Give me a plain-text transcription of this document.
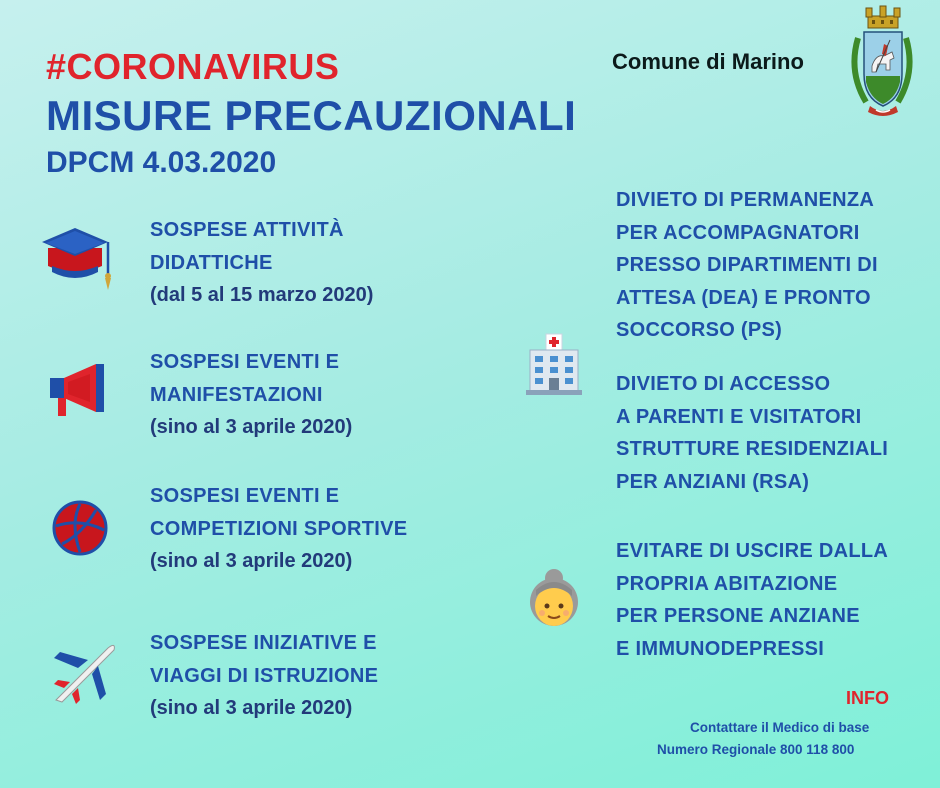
#CORONAVIRUS
MISURE PRECAUZIONALI
DPCM 4.03.2020
Comune di Marino
SOSPESE ATTIVITÀ
DIDATTICHE
(dal 5 al 15 marzo 2020)
SOSPESI EVENTI E
MANIFESTAZIONI
(sino al 3 aprile 2020)
SOSPESI EVENTI E
COMPETIZIONI SPORTIVE
(sino al 3 aprile 2020)
SOSPESE INIZIATIVE E
VIAGGI DI ISTRUZIONE
(sino al 3 aprile 2020)
DIVIETO DI PERMANENZA
PER ACCOMPAGNATORI
PRESSO DIPARTIMENTI DI
ATTESA (DEA) E PRONTO
SOCCORSO (PS)
DIVIETO DI ACCESSO
A PARENTI E VISITATORI
STRUTTURE RESIDENZIALI
PER ANZIANI (RSA)
EVITARE DI USCIRE DALLA
PROPRIA ABITAZIONE
PER PERSONE ANZIANE
E IMMUNODEPRESSI
INFO
Contattare il Medico di base
Numero Regionale 800 118 800
